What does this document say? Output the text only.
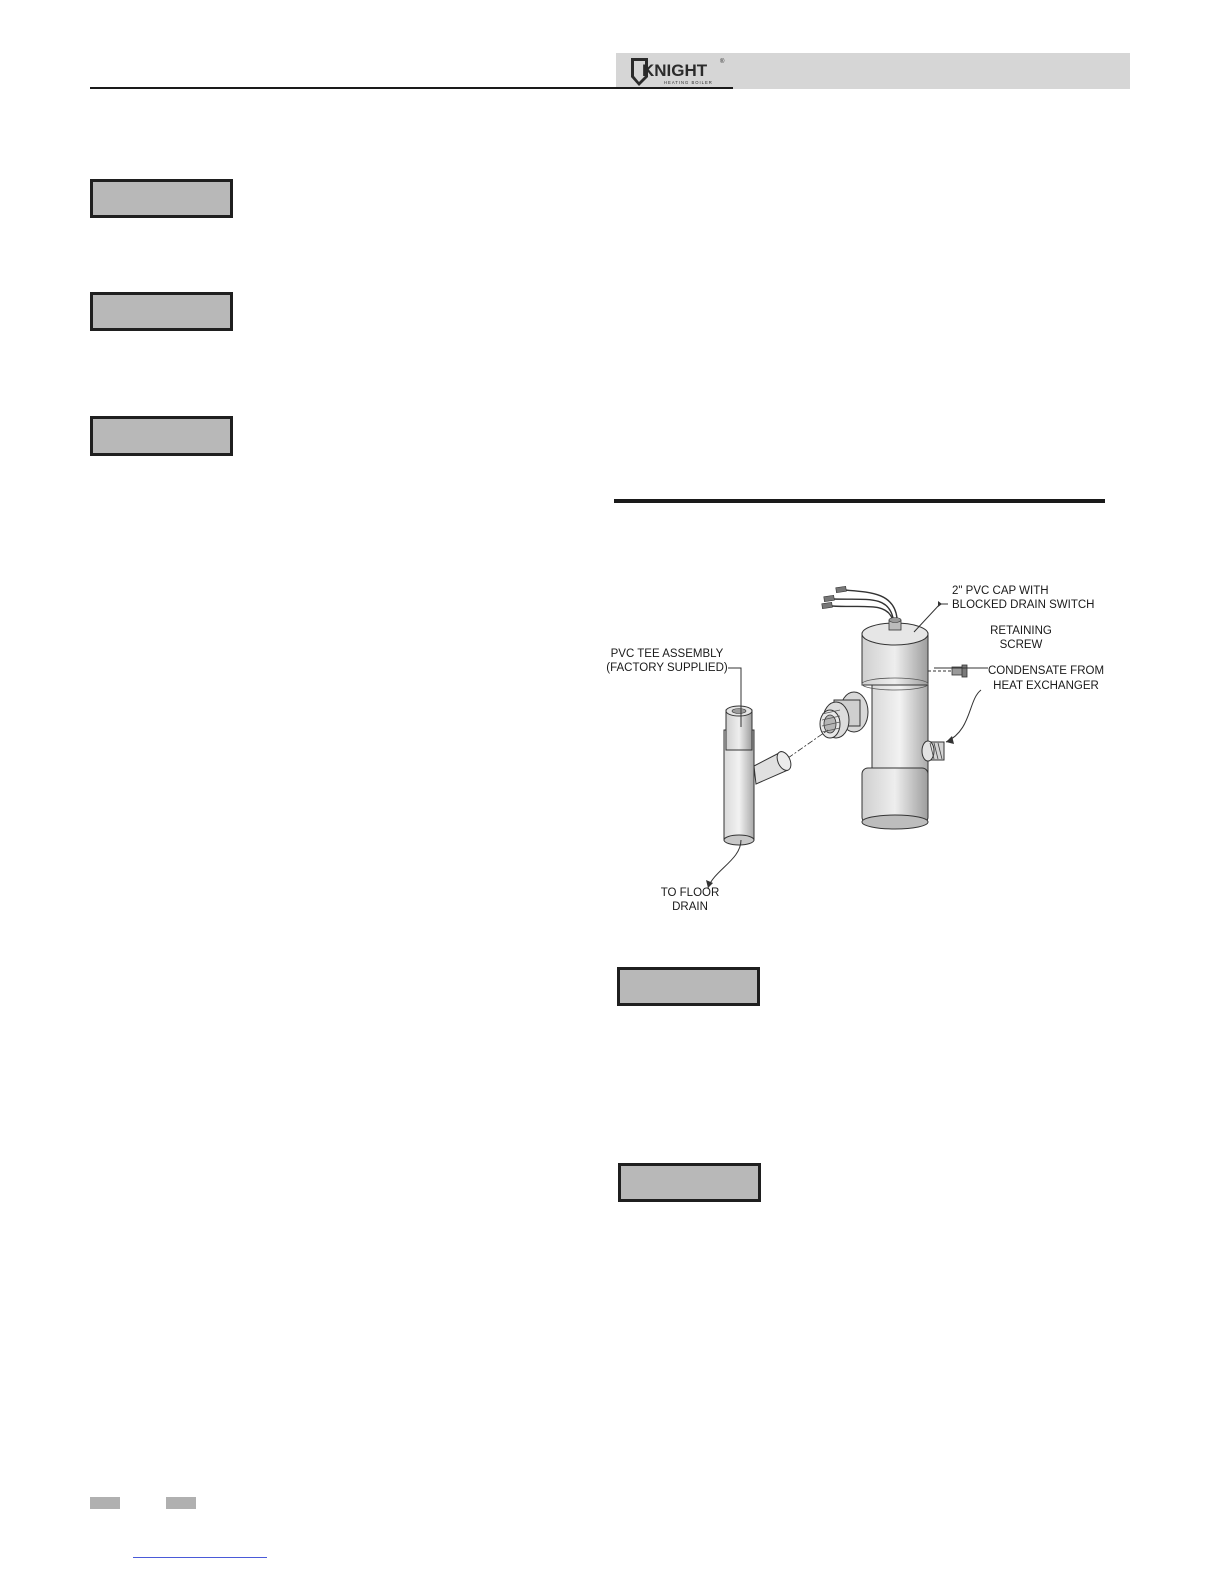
KNIGHT ®
HEATING BOILER
2" PVC CAP WITH
BLOCKED DRAIN SWITCH
RETAINING
SCREW
CONDENSATE FROM
HEAT EXCHANGER
PVC TEE ASSEMBLY
(FACTORY SUPPLIED)
TO FLOOR
DRAIN
